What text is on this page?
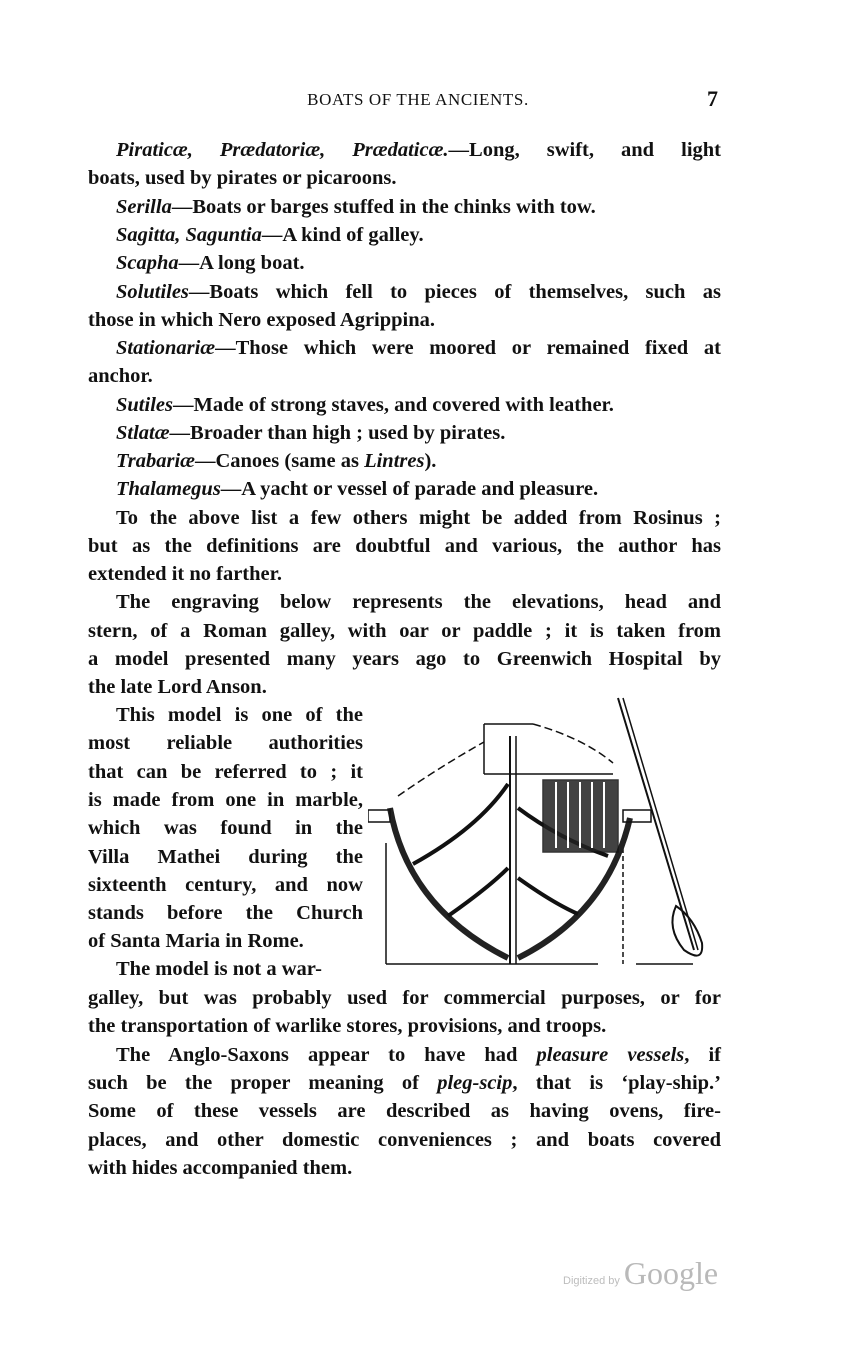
BOATS OF THE ANCIENTS.	7
Piraticæ, Prædatoriæ, Prædaticæ.—Long, swift, and light
boats, used by pirates or picaroons.
Serilla—Boats or barges stuffed in the chinks with tow.
Sagitta, Saguntia—A kind of galley.
Scapha—A long boat.
Solutiles—Boats which fell to pieces of themselves, such as
those in which Nero exposed Agrippina.
Stationariæ—Those which were moored or remained fixed at
anchor.
Sutiles—Made of strong staves, and covered with leather.
Stlatæ—Broader than high ; used by pirates.
Trabariæ—Canoes (same as Lintres).
Thalamegus—A yacht or vessel of parade and pleasure.
To the above list a few others might be added from Rosinus ;
but as the definitions are doubtful and various, the author has
extended it no farther.
The engraving below represents the elevations, head and
stern, of a Roman galley, with oar or paddle ; it is taken from
a model presented many years ago to Greenwich Hospital by
the late Lord Anson.
This model is one of the
most reliable authorities
that can be referred to ; it
is made from one in marble,
which was found in the
Villa Mathei during the
sixteenth century, and now
stands before the Church
of Santa Maria in Rome.
The model is not a war-
galley, but was probably used for commercial purposes, or for
the transportation of warlike stores, provisions, and troops.
The Anglo-Saxons appear to have had pleasure vessels, if
such be the proper meaning of pleg-scip, that is ‘play-ship.’
Some of these vessels are described as having ovens, fire-
places, and other domestic conveniences ; and boats covered
with hides accompanied them.
Digitized by Google
